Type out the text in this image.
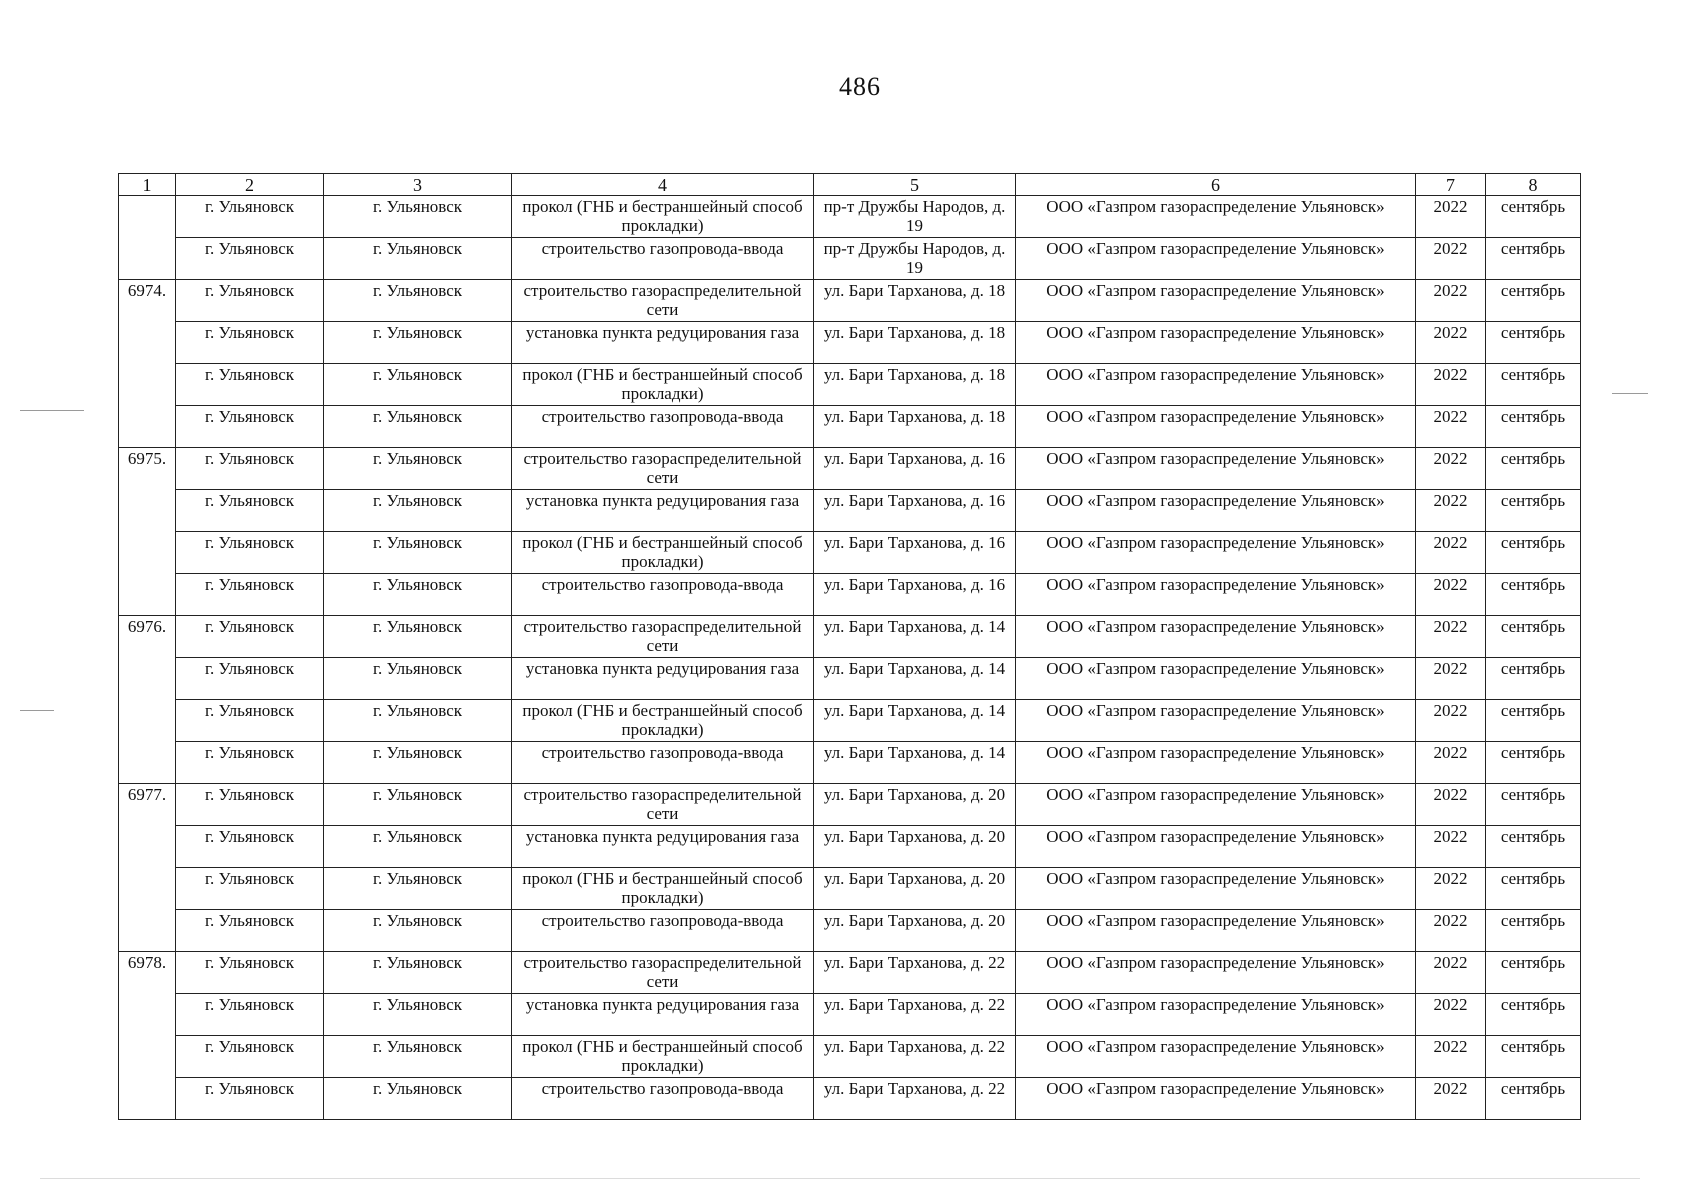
486
1	2	3	4	5	6	7	8
	г. Ульяновск	г. Ульяновск	прокол (ГНБ и бестраншейный способ прокладки)	пр-т Дружбы Народов, д. 19	ООО «Газпром газораспределение Ульяновск»	2022	сентябрь
	г. Ульяновск	г. Ульяновск	строительство газопровода-ввода	пр-т Дружбы Народов, д. 19	ООО «Газпром газораспределение Ульяновск»	2022	сентябрь
6974.	г. Ульяновск	г. Ульяновск	строительство газораспределительной сети	ул. Бари Тарханова, д. 18	ООО «Газпром газораспределение Ульяновск»	2022	сентябрь
	г. Ульяновск	г. Ульяновск	установка пункта редуцирования газа	ул. Бари Тарханова, д. 18	ООО «Газпром газораспределение Ульяновск»	2022	сентябрь
	г. Ульяновск	г. Ульяновск	прокол (ГНБ и бестраншейный способ прокладки)	ул. Бари Тарханова, д. 18	ООО «Газпром газораспределение Ульяновск»	2022	сентябрь
	г. Ульяновск	г. Ульяновск	строительство газопровода-ввода	ул. Бари Тарханова, д. 18	ООО «Газпром газораспределение Ульяновск»	2022	сентябрь
6975.	г. Ульяновск	г. Ульяновск	строительство газораспределительной сети	ул. Бари Тарханова, д. 16	ООО «Газпром газораспределение Ульяновск»	2022	сентябрь
	г. Ульяновск	г. Ульяновск	установка пункта редуцирования газа	ул. Бари Тарханова, д. 16	ООО «Газпром газораспределение Ульяновск»	2022	сентябрь
	г. Ульяновск	г. Ульяновск	прокол (ГНБ и бестраншейный способ прокладки)	ул. Бари Тарханова, д. 16	ООО «Газпром газораспределение Ульяновск»	2022	сентябрь
	г. Ульяновск	г. Ульяновск	строительство газопровода-ввода	ул. Бари Тарханова, д. 16	ООО «Газпром газораспределение Ульяновск»	2022	сентябрь
6976.	г. Ульяновск	г. Ульяновск	строительство газораспределительной сети	ул. Бари Тарханова, д. 14	ООО «Газпром газораспределение Ульяновск»	2022	сентябрь
	г. Ульяновск	г. Ульяновск	установка пункта редуцирования газа	ул. Бари Тарханова, д. 14	ООО «Газпром газораспределение Ульяновск»	2022	сентябрь
	г. Ульяновск	г. Ульяновск	прокол (ГНБ и бестраншейный способ прокладки)	ул. Бари Тарханова, д. 14	ООО «Газпром газораспределение Ульяновск»	2022	сентябрь
	г. Ульяновск	г. Ульяновск	строительство газопровода-ввода	ул. Бари Тарханова, д. 14	ООО «Газпром газораспределение Ульяновск»	2022	сентябрь
6977.	г. Ульяновск	г. Ульяновск	строительство газораспределительной сети	ул. Бари Тарханова, д. 20	ООО «Газпром газораспределение Ульяновск»	2022	сентябрь
	г. Ульяновск	г. Ульяновск	установка пункта редуцирования газа	ул. Бари Тарханова, д. 20	ООО «Газпром газораспределение Ульяновск»	2022	сентябрь
	г. Ульяновск	г. Ульяновск	прокол (ГНБ и бестраншейный способ прокладки)	ул. Бари Тарханова, д. 20	ООО «Газпром газораспределение Ульяновск»	2022	сентябрь
	г. Ульяновск	г. Ульяновск	строительство газопровода-ввода	ул. Бари Тарханова, д. 20	ООО «Газпром газораспределение Ульяновск»	2022	сентябрь
6978.	г. Ульяновск	г. Ульяновск	строительство газораспределительной сети	ул. Бари Тарханова, д. 22	ООО «Газпром газораспределение Ульяновск»	2022	сентябрь
	г. Ульяновск	г. Ульяновск	установка пункта редуцирования газа	ул. Бари Тарханова, д. 22	ООО «Газпром газораспределение Ульяновск»	2022	сентябрь
	г. Ульяновск	г. Ульяновск	прокол (ГНБ и бестраншейный способ прокладки)	ул. Бари Тарханова, д. 22	ООО «Газпром газораспределение Ульяновск»	2022	сентябрь
	г. Ульяновск	г. Ульяновск	строительство газопровода-ввода	ул. Бари Тарханова, д. 22	ООО «Газпром газораспределение Ульяновск»	2022	сентябрь
